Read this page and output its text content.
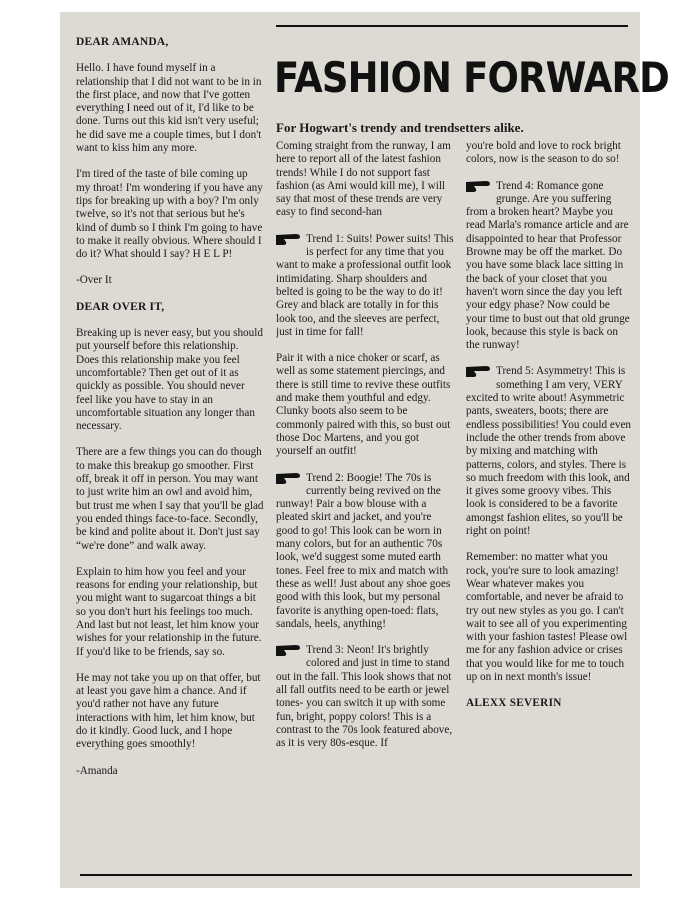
FASHION FORWARD
For Hogwart's trendy and trendsetters alike.
DEAR AMANDA,

Hello. I have found myself in a relationship that I did not want to be in in the first place, and now that I've gotten everything I need out of it, I'd like to be done. Turns out this kid isn't very useful; he did save me a couple times, but I don't want to kiss him any more.

I'm tired of the taste of bile coming up my throat! I'm wondering if you have any tips for breaking up with a boy? I'm only twelve, so it's not that serious but he's kind of dumb so I think I'm going to have to make it really obvious. Where should I do it? What should I say? H E L P!

-Over It

DEAR OVER IT,

Breaking up is never easy, but you should put yourself before this relationship. Does this relationship make you feel uncomfortable? Then get out of it as quickly as possible. You should never feel like you have to stay in an uncomfortable situation any longer than necessary.

There are a few things you can do though to make this breakup go smoother. First off, break it off in person. You may want to just write him an owl and avoid him, but trust me when I say that you'll be glad you ended things face-to-face. Secondly, be kind and polite about it. Don't just say “we're done” and walk away.

Explain to him how you feel and your reasons for ending your relationship, but you might want to sugarcoat things a bit so you don't hurt his feelings too much. And last but not least, let him know your wishes for your relationship in the future. If you'd like to be friends, say so.

He may not take you up on that offer, but at least you gave him a chance. And if you'd rather not have any future interactions with him, let him know, but do it kindly. Good luck, and I hope everything goes smoothly!

-Amanda

Coming straight from the runway, I am here to report all of the latest fashion trends! While I do not support fast fashion (as Ami would kill me), I will say that most of these trends are very easy to find second-han

Trend 1: Suits! Power suits! This is perfect for any time that you want to make a professional outfit look intimidating. Sharp shoulders and belted is going to be the way to do it! Grey and black are totally in for this look too, and the sleeves are perfect, just in time for fall!

Pair it with a nice choker or scarf, as well as some statement piercings, and there is still time to revive these outfits and make them youthful and edgy. Clunky boots also seem to be commonly paired with this, so bust out those Doc Martens, and you got yourself an outfit!

Trend 2: Boogie! The 70s is currently being revived on the runway! Pair a bow blouse with a pleated skirt and jacket, and you're good to go! This look can be worn in many colors, but for an authentic 70s look, we'd suggest some muted earth tones. Feel free to mix and match with these as well! Just about any shoe goes good with this look, but my personal favorite is anything open-toed: flats, sandals, heels, anything!

Trend 3: Neon! It's brightly colored and just in time to stand out in the fall. This look shows that not all fall outfits need to be earth or jewel tones- you can switch it up with some fun, bright, poppy colors! This is a contrast to the 70s look featured above, as it is very 80s-esque. If

you're bold and love to rock bright colors, now is the season to do so!

Trend 4: Romance gone grunge. Are you suffering from a broken heart? Maybe you read Marla's romance article and are disappointed to hear that Professor Browne may be off the market. Do you have some black lace sitting in the back of your closet that you haven't worn since the day you left your edgy phase? Now could be your time to bust out that old grunge look, because this style is back on the runway!

Trend 5: Asymmetry! This is something I am very, VERY excited to write about! Asymmetric pants, sweaters, boots; there are endless possibilities! You could even include the other trends from above by mixing and matching with patterns, colors, and styles. There is so much freedom with this look, and it gives some groovy vibes. This look is considered to be a favorite amongst fashion elites, so you'll be right on point!

Remember: no matter what you rock, you're sure to look amazing! Wear whatever makes you comfortable, and never be afraid to try out new styles as you go. I can't wait to see all of you experimenting with your fashion tastes! Please owl me for any fashion advice or crises that you would like for me to touch up on in next month's issue!

ALEXX SEVERIN
